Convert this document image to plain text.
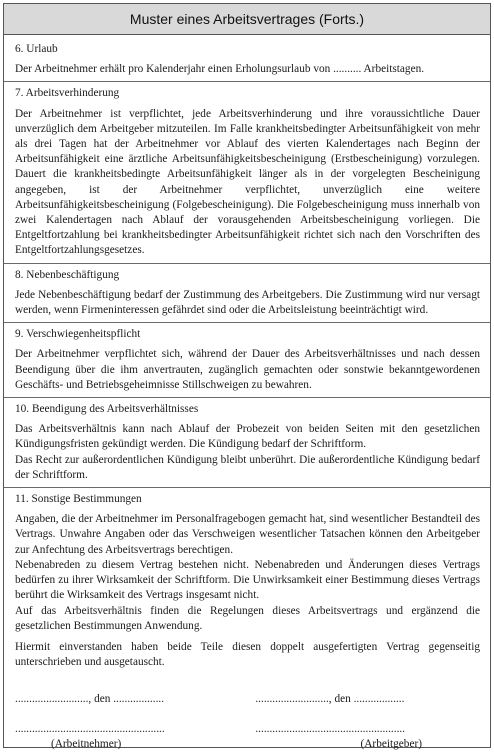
Muster eines Arbeitsvertrages (Forts.)
6. Urlaub

Der Arbeitnehmer erhält pro Kalenderjahr einen Erholungsurlaub von .......... Arbeitstagen.

7. Arbeitsverhinderung

Der Arbeitnehmer ist verpflichtet, jede Arbeitsverhinderung und ihre voraussichtliche Dauer unverzüglich dem Arbeitgeber mitzuteilen. Im Falle krankheitsbedingter Arbeitsunfähigkeit von mehr als drei Tagen hat der Arbeitnehmer vor Ablauf des vierten Kalendertages nach Beginn der Arbeitsunfähigkeit eine ärztliche Arbeitsunfähigkeitsbescheinigung (Erstbescheinigung) vorzulegen. Dauert die krankheitsbedingte Arbeitsunfähigkeit länger als in der vorgelegten Bescheinigung angegeben, ist der Arbeitnehmer verpflichtet, unverzüglich eine weitere Arbeitsunfähigkeitsbescheinigung (Folgebescheinigung). Die Folgebescheinigung muss innerhalb von zwei Kalendertagen nach Ablauf der vorausgehenden Arbeitsbescheinigung vorliegen. Die Entgeltfortzahlung bei krankheitsbedingter Arbeitsunfähigkeit richtet sich nach den Vorschriften des Entgeltfortzahlungsgesetzes.

8. Nebenbeschäftigung

Jede Nebenbeschäftigung bedarf der Zustimmung des Arbeitgebers. Die Zustimmung wird nur versagt werden, wenn Firmeninteressen gefährdet sind oder die Arbeitsleistung beeinträchtigt wird.

9. Verschwiegenheitspflicht

Der Arbeitnehmer verpflichtet sich, während der Dauer des Arbeitsverhältnisses und nach dessen Beendigung über die ihm anvertrauten, zugänglich gemachten oder sonstwie bekanntgewordenen Geschäfts- und Betriebsgeheimnisse Stillschweigen zu bewahren.

10. Beendigung des Arbeitsverhältnisses

Das Arbeitsverhältnis kann nach Ablauf der Probezeit von beiden Seiten mit den gesetzlichen Kündigungsfristen gekündigt werden. Die Kündigung bedarf der Schriftform.

Das Recht zur außerordentlichen Kündigung bleibt unberührt. Die außerordentliche Kündigung bedarf der Schriftform.

11. Sonstige Bestimmungen

Angaben, die der Arbeitnehmer im Personalfragebogen gemacht hat, sind wesentlicher Bestandteil des Vertrags. Unwahre Angaben oder das Verschweigen wesentlicher Tatsachen können den Arbeitgeber zur Anfechtung des Arbeitsvertrags berechtigen.

Nebenabreden zu diesem Vertrag bestehen nicht. Nebenabreden und Änderungen dieses Vertrags bedürfen zu ihrer Wirksamkeit der Schriftform. Die Unwirksamkeit einer Bestimmung dieses Vertrags berührt die Wirksamkeit des Vertrags insgesamt nicht.

Auf das Arbeitsverhältnis finden die Regelungen dieses Arbeitsvertrags und ergänzend die gesetzlichen Bestimmungen Anwendung.

Hiermit einverstanden haben beide Teile diesen doppelt ausgefertigten Vertrag gegenseitig unterschrieben und ausgetauscht.

.........................., den ..................	.........................., den ..................
.....................................................	.....................................................
(Arbeitnehmer)	(Arbeitgeber)
